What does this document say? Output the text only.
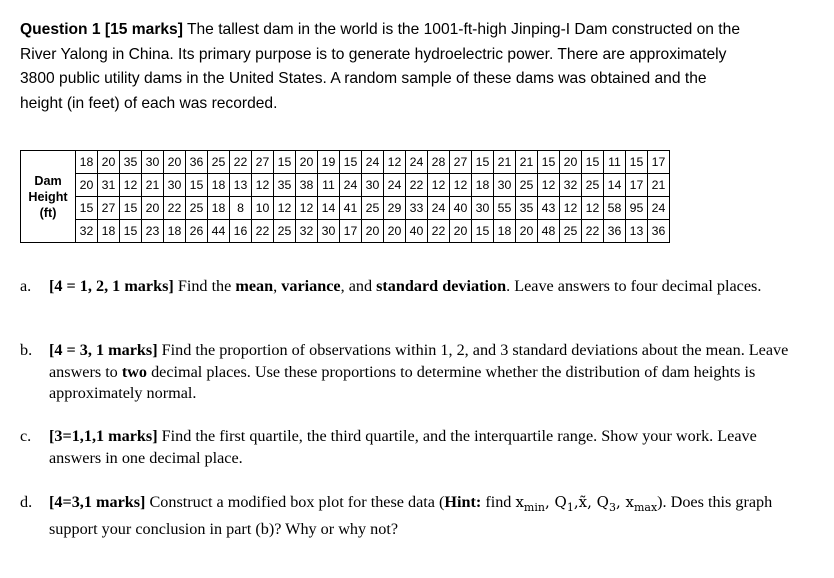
Question 1 [15 marks] The tallest dam in the world is the 1001-ft-high Jinping-I Dam constructed on the
River Yalong in China. Its primary purpose is to generate hydroelectric power. There are approximately
3800 public utility dams in the United States. A random sample of these dams was obtained and the
height (in feet) of each was recorded.
Dam
Height
(ft)	18	20	35	30	20	36	25	22	27	15	20	19	15	24	12	24	28	27	15	21	21	15	20	15	11	15	17
	20	31	12	21	30	15	18	13	12	35	38	11	24	30	24	22	12	12	18	30	25	12	32	25	14	17	21
	15	27	15	20	22	25	18	8	10	12	12	14	41	25	29	33	24	40	30	55	35	43	12	12	58	95	24
	32	18	15	23	18	26	44	16	22	25	32	30	17	20	20	40	22	20	15	18	20	48	25	22	36	13	36
a.	[4 = 1, 2, 1 marks] Find the mean, variance, and standard deviation. Leave answers to four decimal places.
b.	[4 = 3, 1 marks] Find the proportion of observations within 1, 2, and 3 standard deviations about the mean. Leave answers to two decimal places. Use these proportions to determine whether the distribution of dam heights is approximately normal.
c.	[3=1,1,1 marks] Find the first quartile, the third quartile, and the interquartile range. Show your work. Leave answers in one decimal place.
d.	[4=3,1 marks] Construct a modified box plot for these data (Hint: find $x_{min}$, $Q_1,x̃$, $Q_3$, $x_{max}$). Does this graph support your conclusion in part (b)? Why or why not?
